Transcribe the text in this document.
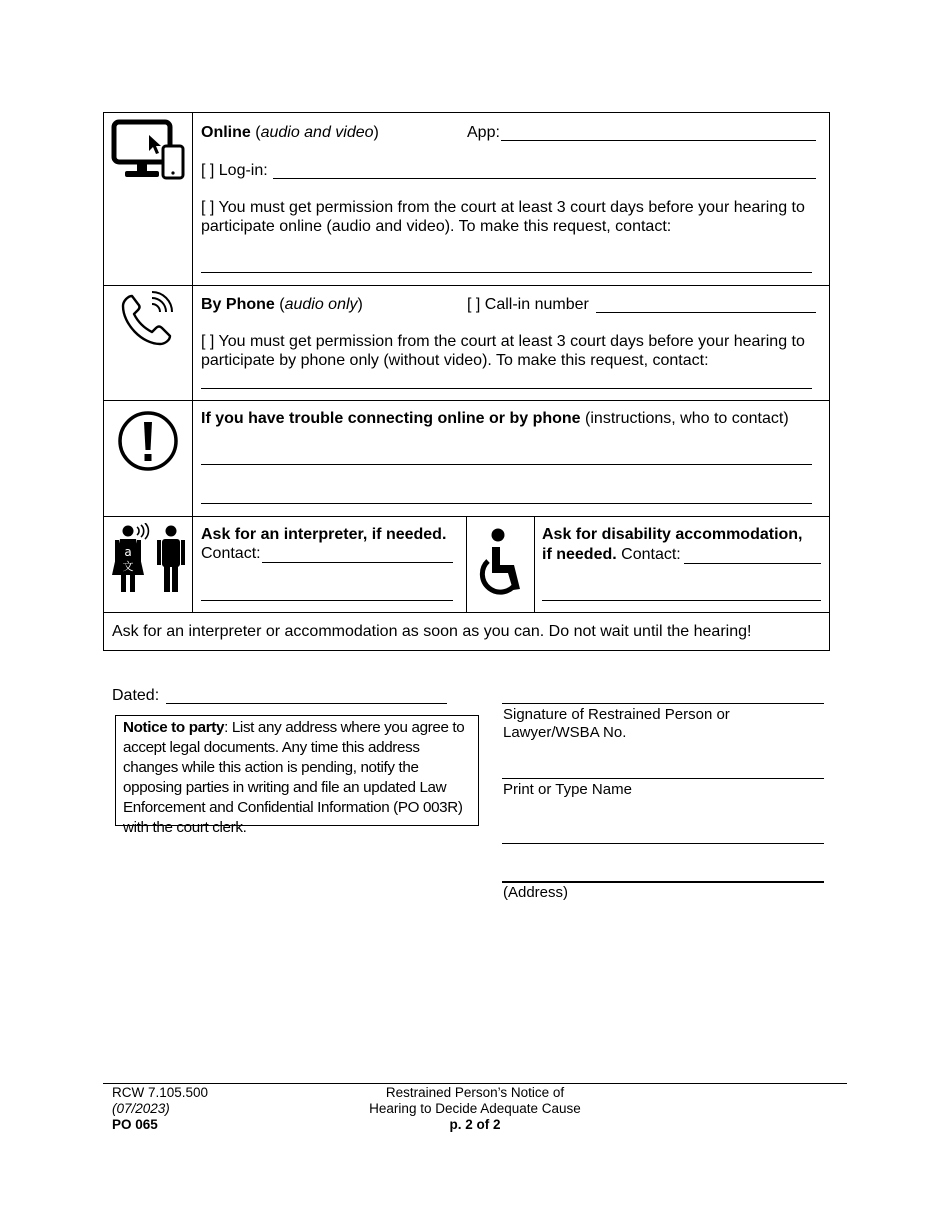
Online (audio and video)	App:
[ ] Log-in:
[ ] You must get permission from the court at least 3 court days before your hearing to participate online (audio and video). To make this request, contact:
By Phone (audio only)	[ ] Call-in number
[ ] You must get permission from the court at least 3 court days before your hearing to participate by phone only (without video). To make this request, contact:
If you have trouble connecting online or by phone (instructions, who to contact)
a
文
Ask for an interpreter, if needed.
Contact:
Ask for disability accommodation,
if needed. Contact:
Ask for an interpreter or accommodation as soon as you can. Do not wait until the hearing!
Dated:
Notice to party: List any address where you agree to accept legal documents. Any time this address changes while this action is pending, notify the opposing parties in writing and file an updated Law Enforcement and Confidential Information (PO 003R) with the court clerk.
Signature of Restrained Person or
Lawyer/WSBA No.
Print or Type Name
(Address)
RCW 7.105.500
(07/2023)
PO 065
Restrained Person’s Notice of
Hearing to Decide Adequate Cause
p. 2 of 2
